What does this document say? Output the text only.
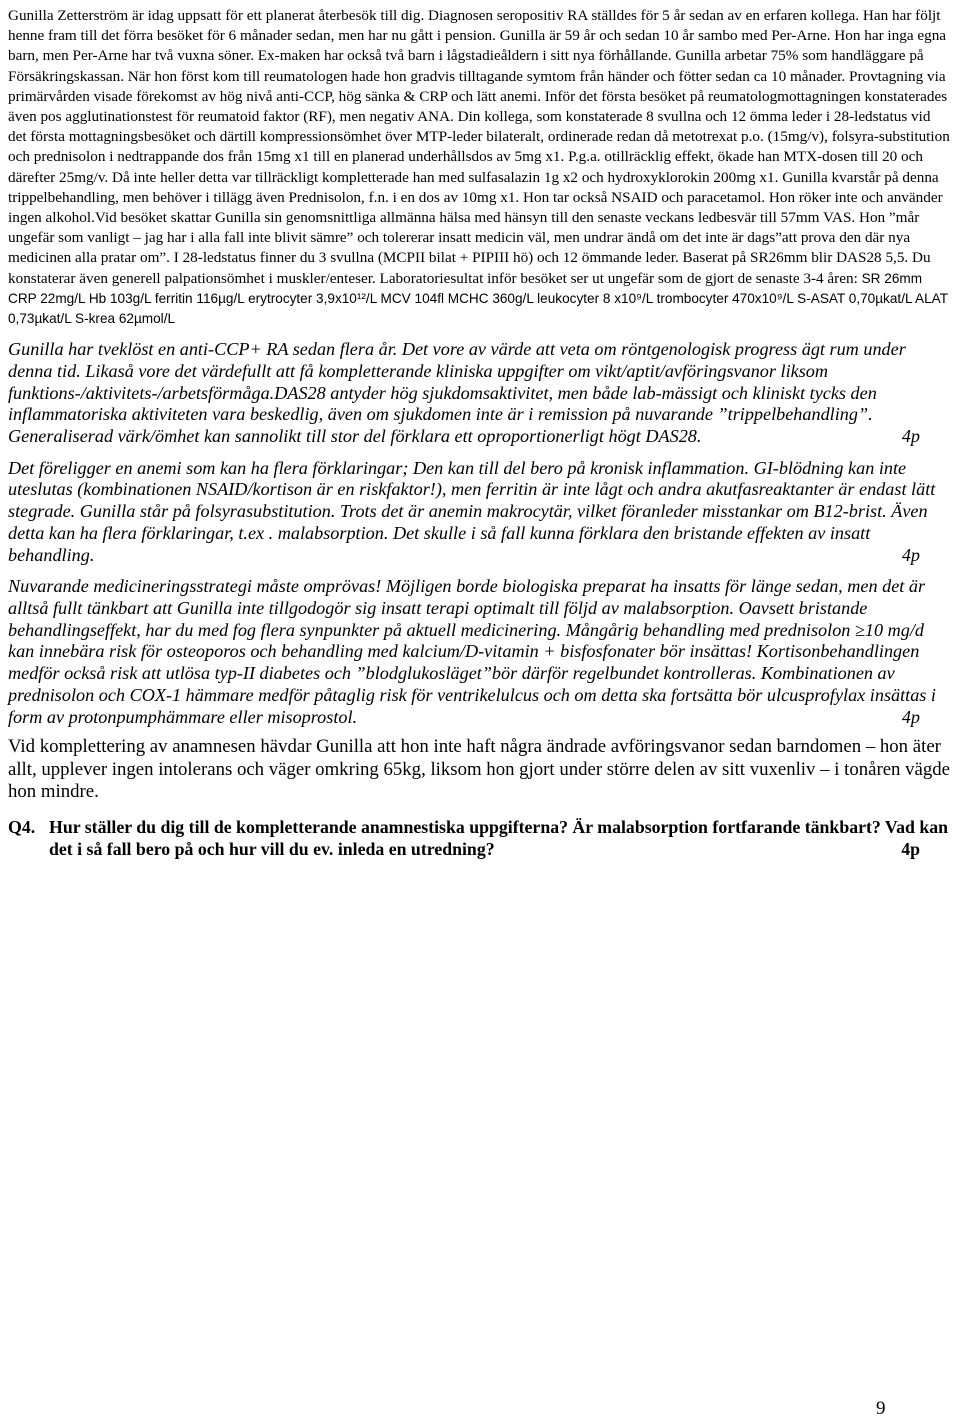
Gunilla Zetterström är idag uppsatt för ett planerat återbesök till dig. Diagnosen seropositiv RA ställdes för 5 år sedan av en erfaren kollega. Han har följt henne fram till det förra besöket för 6 månader sedan, men har nu gått i pension. Gunilla är 59 år och sedan 10 år sambo med Per-Arne. Hon har inga egna barn, men Per-Arne har två vuxna söner. Ex-maken har också två barn i lågstadieåldern i sitt nya förhållande. Gunilla arbetar 75% som handläggare på Försäkringskassan. När hon först kom till reumatologen hade hon gradvis tilltagande symtom från händer och fötter sedan ca 10 månader. Provtagning via primärvården visade förekomst av hög nivå anti-CCP, hög sänka & CRP och lätt anemi. Inför det första besöket på reumatologmottagningen konstaterades även pos agglutinationstest för reumatoid faktor (RF), men negativ ANA. Din kollega, som konstaterade 8 svullna och 12 ömma leder i 28-ledstatus vid det första mottagningsbesöket och därtill kompressionsömhet över MTP-leder bilateralt, ordinerade redan då metotrexat p.o. (15mg/v), folsyra-substitution och prednisolon i nedtrappande dos från 15mg x1 till en planerad underhållsdos av 5mg x1. P.g.a. otillräcklig effekt, ökade han MTX-dosen till 20 och därefter 25mg/v. Då inte heller detta var tillräckligt kompletterade han med sulfasalazin 1g x2 och hydroxyklorokin 200mg x1. Gunilla kvarstår på denna trippelbehandling, men behöver i tillägg även Prednisolon, f.n. i en dos av 10mg x1. Hon tar också NSAID och paracetamol. Hon röker inte och använder ingen alkohol.Vid besöket skattar Gunilla sin genomsnittliga allmänna hälsa med hänsyn till den senaste veckans ledbesvär till 57mm VAS. Hon ”mår ungefär som vanligt – jag har i alla fall inte blivit sämre” och tolererar insatt medicin väl, men undrar ändå om det inte är dags”att prova den där nya medicinen alla pratar om”. I 28-ledstatus finner du 3 svullna (MCPII bilat + PIPIII hö) och 12 ömmande leder. Baserat på SR26mm blir DAS28 5,5. Du konstaterar även generell palpationsömhet i muskler/enteser. Laboratoriesultat inför besöket ser ut ungefär som de gjort de senaste 3-4 åren: SR 26mm CRP 22mg/L Hb 103g/L ferritin 116µg/L erytrocyter 3,9x10¹²/L MCV 104fl MCHC 360g/L leukocyter 8 x10⁹/L trombocyter 470x10⁹/L S-ASAT 0,70µkat/L ALAT 0,73µkat/L S-krea 62µmol/L

Gunilla har tveklöst en anti-CCP+ RA sedan flera år. Det vore av värde att veta om röntgenologisk progress ägt rum under denna tid. Likaså vore det värdefullt att få kompletterande kliniska uppgifter om vikt/aptit/avföringsvanor liksom funktions-/aktivitets-/arbetsförmåga.DAS28 antyder hög sjukdomsaktivitet, men både lab-mässigt och kliniskt tycks den inflammatoriska aktiviteten vara beskedlig, även om sjukdomen inte är i remission på nuvarande ”trippelbehandling”. Generaliserad värk/ömhet kan sannolikt till stor del förklara ett oproportionerligt högt DAS28.	4p

Det föreligger en anemi som kan ha flera förklaringar; Den kan till del bero på kronisk inflammation. GI-blödning kan inte uteslutas (kombinationen NSAID/kortison är en riskfaktor!), men ferritin är inte lågt och andra akutfasreaktanter är endast lätt stegrade. Gunilla står på folsyrasubstitution. Trots det är anemin makrocytär, vilket föranleder misstankar om B12-brist. Även detta kan ha flera förklaringar, t.ex . malabsorption. Det skulle i så fall kunna förklara den bristande effekten av insatt behandling.	4p

Nuvarande medicineringsstrategi måste omprövas! Möjligen borde biologiska preparat ha insatts för länge sedan, men det är alltså fullt tänkbart att Gunilla inte tillgodogör sig insatt terapi optimalt till följd av malabsorption. Oavsett bristande behandlingseffekt, har du med fog flera synpunkter på aktuell medicinering. Mångårig behandling med prednisolon ≥10 mg/d kan innebära risk för osteoporos och behandling med kalcium/D-vitamin + bisfosfonater bör insättas! Kortisonbehandlingen medför också risk att utlösa typ-II diabetes och ”blodglukosläget”bör därför regelbundet kontrolleras. Kombinationen av prednisolon och COX-1 hämmare medför påtaglig risk för ventrikelulcus och om detta ska fortsätta bör ulcusprofylax insättas i form av protonpumphämmare eller misoprostol.	4p

Vid komplettering av anamnesen hävdar Gunilla att hon inte haft några ändrade avföringsvanor sedan barndomen – hon äter allt, upplever ingen intolerans och väger omkring 65kg, liksom hon gjort under större delen av sitt vuxenliv – i tonåren vägde hon mindre.

Q4. Hur ställer du dig till de kompletterande anamnestiska uppgifterna? Är malabsorption fortfarande tänkbart? Vad kan det i så fall bero på och hur vill du ev. inleda en utredning?	4p

9
